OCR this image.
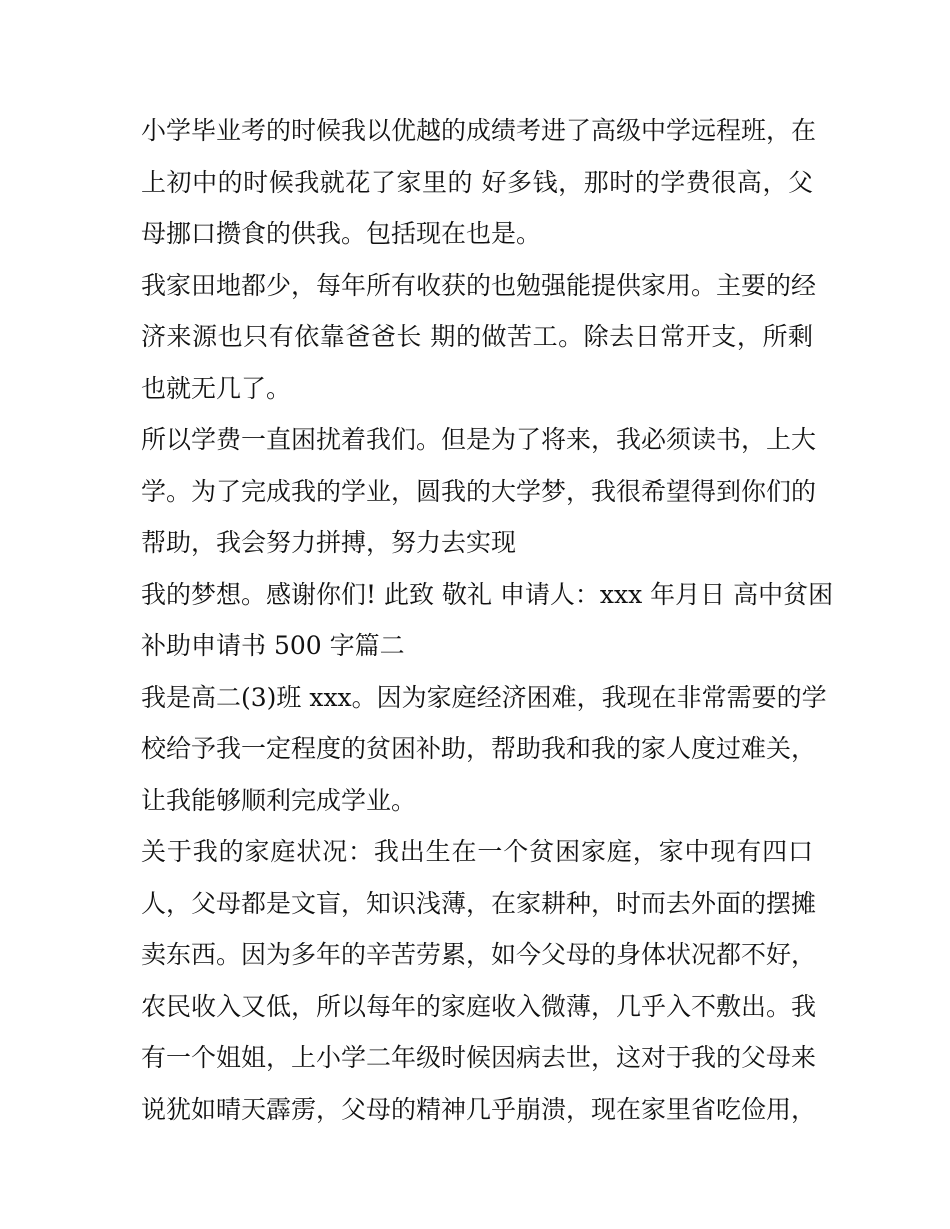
小学毕业考的时候我以优越的成绩考进了高级中学远程班，在
上初中的时候我就花了家里的 好多钱，那时的学费很高，父
母挪口攒食的供我。包括现在也是。
我家田地都少，每年所有收获的也勉强能提供家用。主要的经
济来源也只有依靠爸爸长 期的做苦工。除去日常开支，所剩
也就无几了。
所以学费一直困扰着我们。但是为了将来，我必须读书，上大
学。为了完成我的学业，圆我的大学梦，我很希望得到你们的
帮助，我会努力拼搏，努力去实现
我的梦想。感谢你们! 此致 敬礼 申请人：xxx 年月日 高中贫困
补助申请书 500 字篇二
我是高二(3)班 xxx。因为家庭经济困难，我现在非常需要的学
校给予我一定程度的贫困补助，帮助我和我的家人度过难关，
让我能够顺利完成学业。
关于我的家庭状况：我出生在一个贫困家庭，家中现有四口
人，父母都是文盲，知识浅薄，在家耕种，时而去外面的摆摊
卖东西。因为多年的辛苦劳累，如今父母的身体状况都不好，
农民收入又低，所以每年的家庭收入微薄，几乎入不敷出。我
有一个姐姐，上小学二年级时候因病去世，这对于我的父母来
说犹如晴天霹雳，父母的精神几乎崩溃，现在家里省吃俭用，
